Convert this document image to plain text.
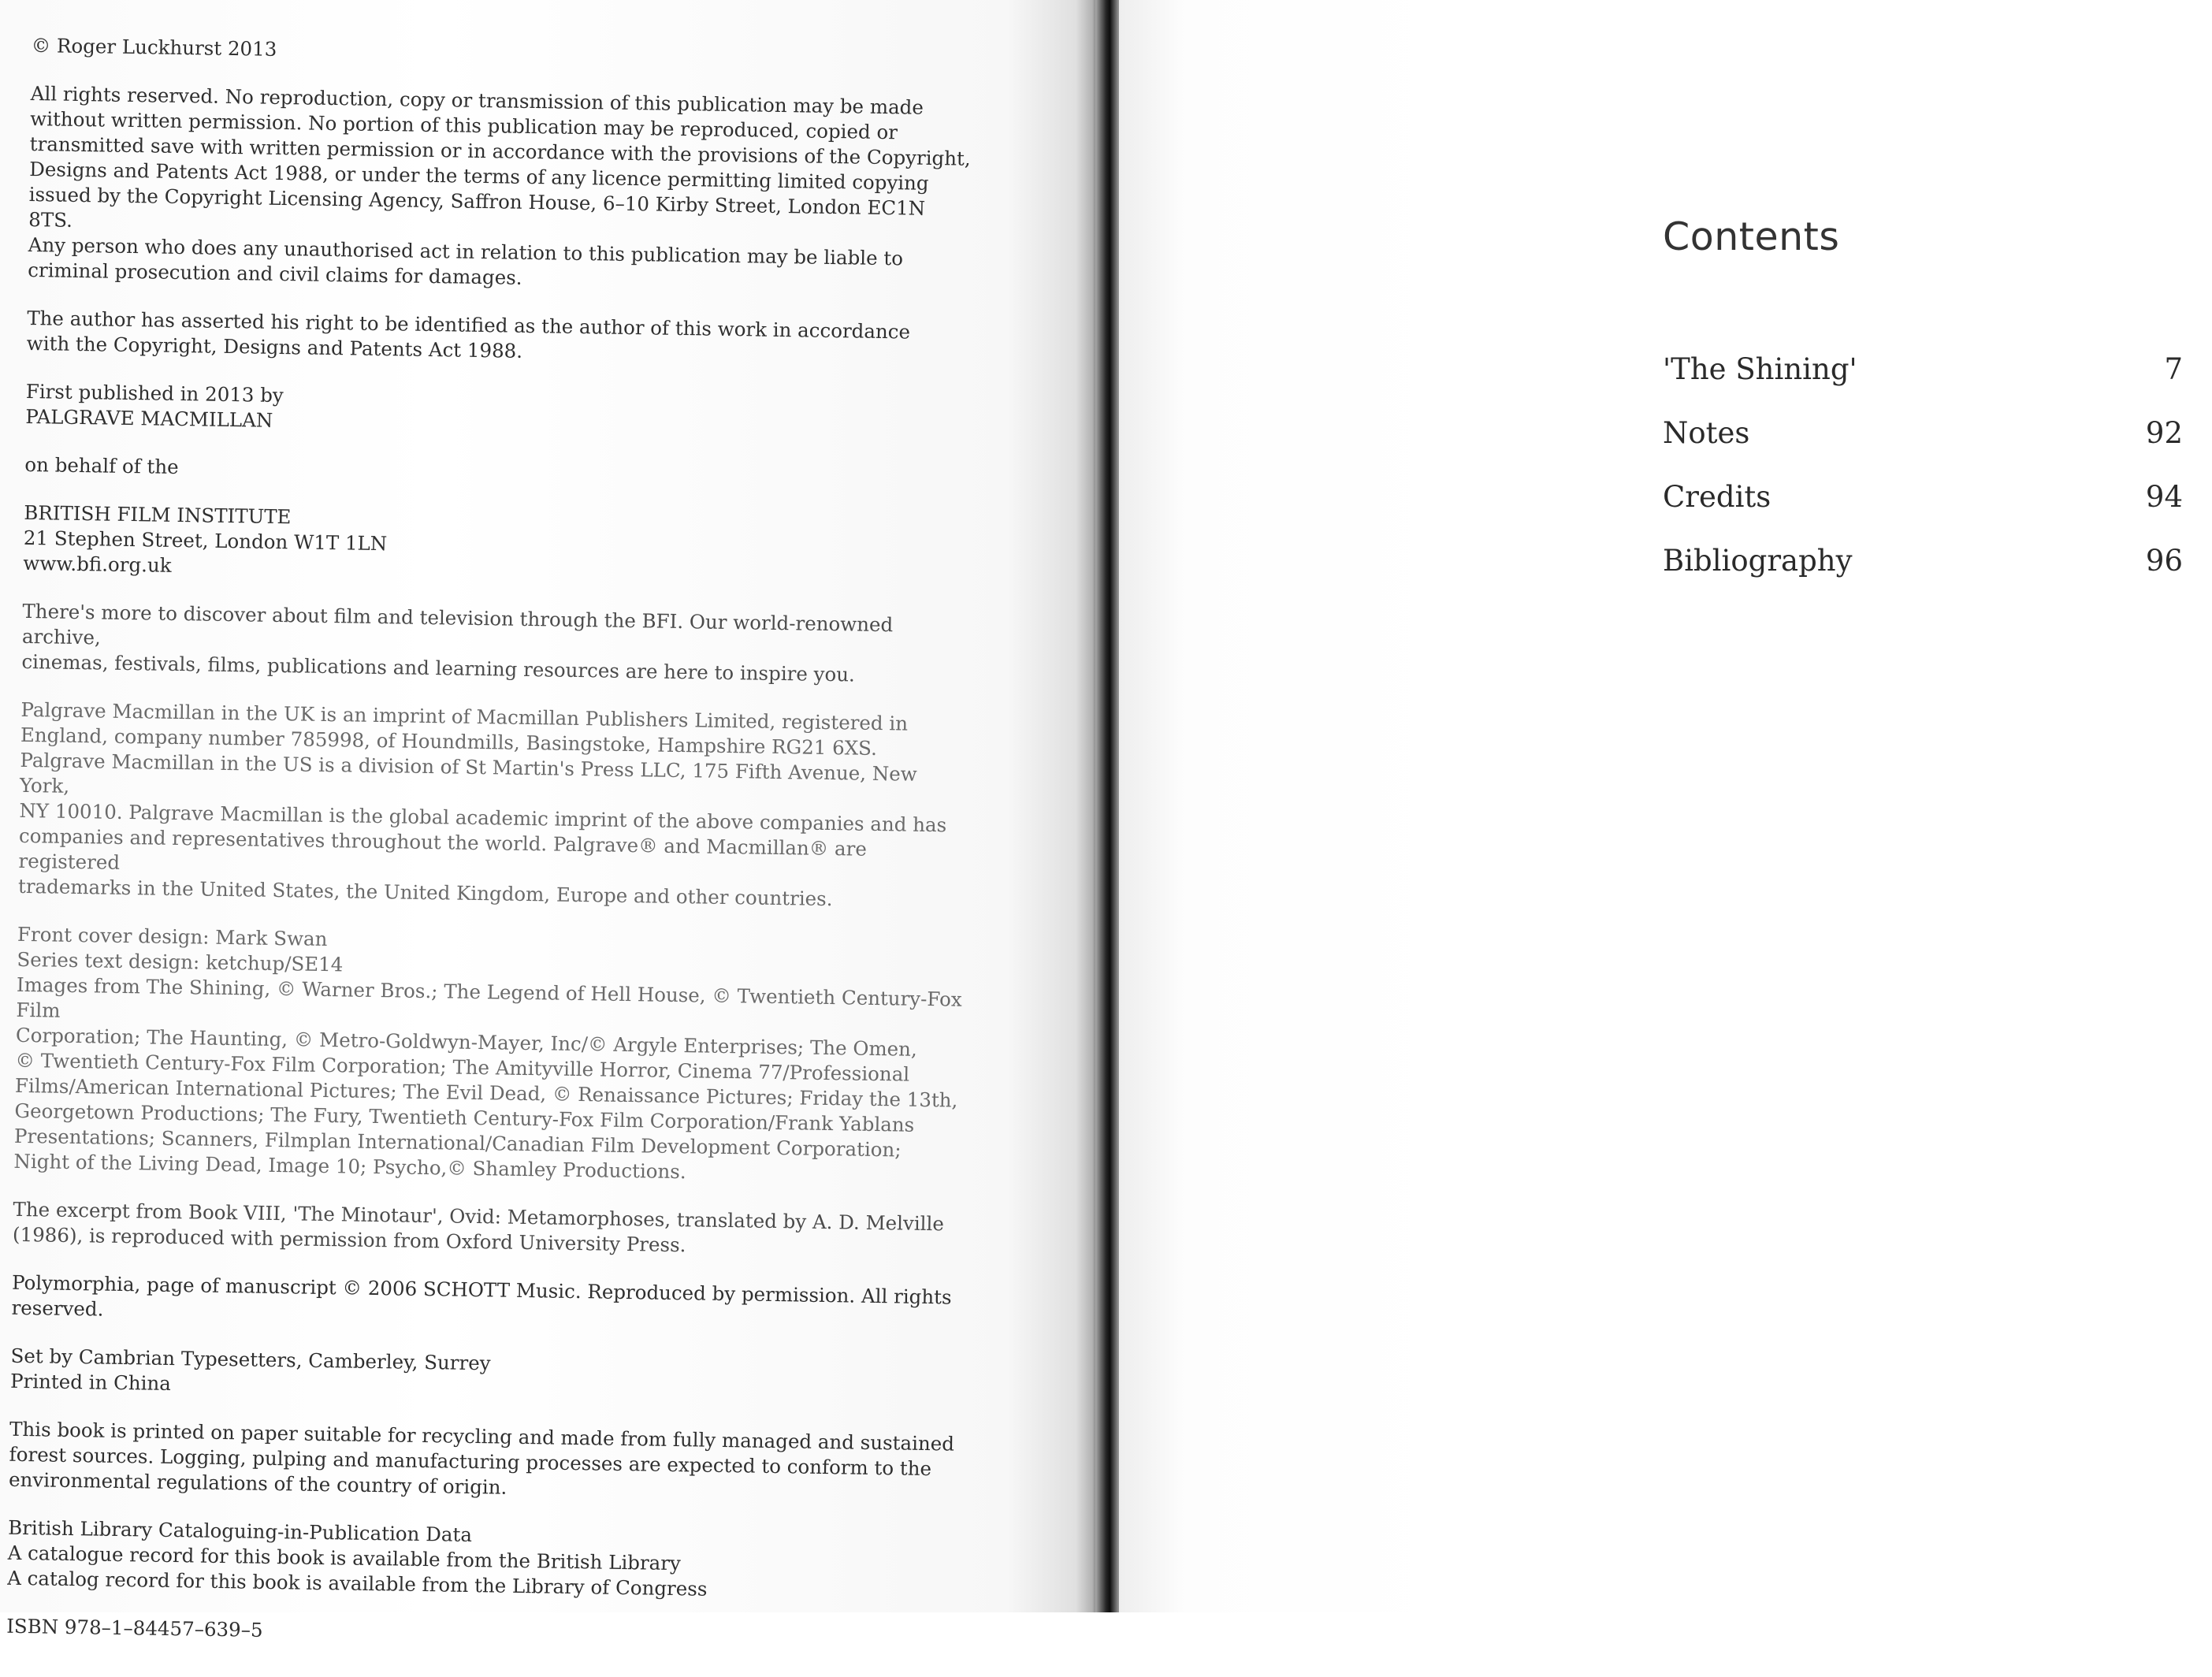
© Roger Luckhurst 2013

All rights reserved. No reproduction, copy or transmission of this publication may be made
without written permission. No portion of this publication may be reproduced, copied or
transmitted save with written permission or in accordance with the provisions of the Copyright,
Designs and Patents Act 1988, or under the terms of any licence permitting limited copying
issued by the Copyright Licensing Agency, Saffron House, 6–10 Kirby Street, London EC1N 8TS.
Any person who does any unauthorised act in relation to this publication may be liable to
criminal prosecution and civil claims for damages.

The author has asserted his right to be identified as the author of this work in accordance
with the Copyright, Designs and Patents Act 1988.

First published in 2013 by
PALGRAVE MACMILLAN

on behalf of the

BRITISH FILM INSTITUTE
21 Stephen Street, London W1T 1LN
www.bfi.org.uk

There's more to discover about film and television through the BFI. Our world-renowned archive,
cinemas, festivals, films, publications and learning resources are here to inspire you.

Palgrave Macmillan in the UK is an imprint of Macmillan Publishers Limited, registered in
England, company number 785998, of Houndmills, Basingstoke, Hampshire RG21 6XS.
Palgrave Macmillan in the US is a division of St Martin's Press LLC, 175 Fifth Avenue, New York,
NY 10010. Palgrave Macmillan is the global academic imprint of the above companies and has
companies and representatives throughout the world. Palgrave® and Macmillan® are registered
trademarks in the United States, the United Kingdom, Europe and other countries.

Front cover design: Mark Swan
Series text design: ketchup/SE14
Images from The Shining, © Warner Bros.; The Legend of Hell House, © Twentieth Century-Fox Film
Corporation; The Haunting, © Metro-Goldwyn-Mayer, Inc/© Argyle Enterprises; The Omen,
© Twentieth Century-Fox Film Corporation; The Amityville Horror, Cinema 77/Professional
Films/American International Pictures; The Evil Dead, © Renaissance Pictures; Friday the 13th,
Georgetown Productions; The Fury, Twentieth Century-Fox Film Corporation/Frank Yablans
Presentations; Scanners, Filmplan International/Canadian Film Development Corporation;
Night of the Living Dead, Image 10; Psycho,© Shamley Productions.

The excerpt from Book VIII, 'The Minotaur', Ovid: Metamorphoses, translated by A. D. Melville
(1986), is reproduced with permission from Oxford University Press.

Polymorphia, page of manuscript © 2006 SCHOTT Music. Reproduced by permission. All rights reserved.

Set by Cambrian Typesetters, Camberley, Surrey
Printed in China

This book is printed on paper suitable for recycling and made from fully managed and sustained
forest sources. Logging, pulping and manufacturing processes are expected to conform to the
environmental regulations of the country of origin.

British Library Cataloguing-in-Publication Data
A catalogue record for this book is available from the British Library
A catalog record for this book is available from the Library of Congress

ISBN 978–1–84457–639–5

Contents
'The Shining'	7
Notes	92
Credits	94
Bibliography	96
